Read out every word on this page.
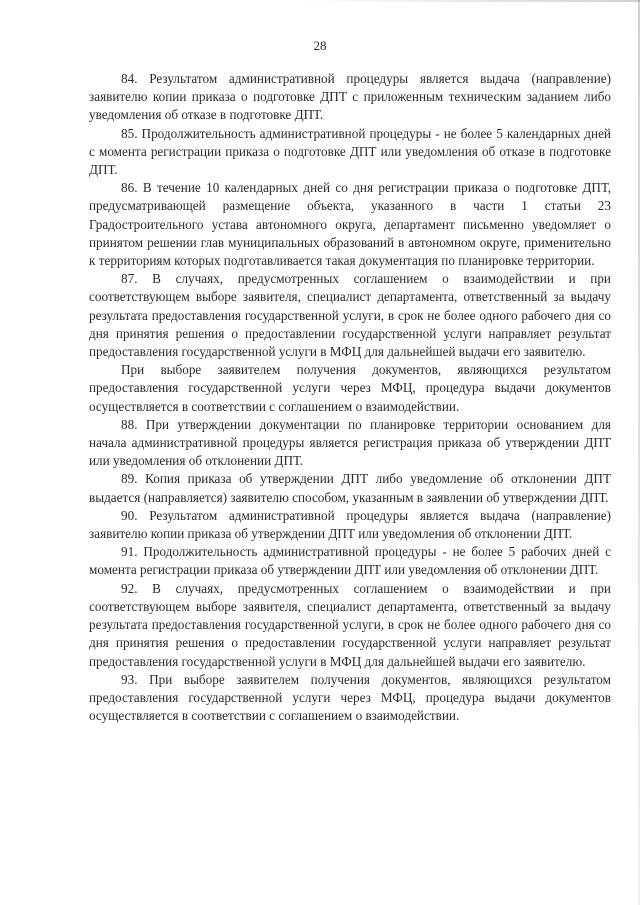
28

84. Результатом административной процедуры является выдача (направление) заявителю копии приказа о подготовке ДПТ с приложенным техническим заданием либо уведомления об отказе в подготовке ДПТ.

85. Продолжительность административной процедуры - не более 5 календарных дней с момента регистрации приказа о подготовке ДПТ или уведомления об отказе в подготовке ДПТ.

86. В течение 10 календарных дней со дня регистрации приказа о подготовке ДПТ, предусматривающей размещение объекта, указанного в части 1 статьи 23 Градостроительного устава автономного округа, департамент письменно уведомляет о принятом решении глав муниципальных образований в автономном округе, применительно к территориям которых подготавливается такая документация по планировке территории.

87. В случаях, предусмотренных соглашением о взаимодействии и при соответствующем выборе заявителя, специалист департамента, ответственный за выдачу результата предоставления государственной услуги, в срок не более одного рабочего дня со дня принятия решения о предоставлении государственной услуги направляет результат предоставления государственной услуги в МФЦ для дальнейшей выдачи его заявителю.

При выборе заявителем получения документов, являющихся результатом предоставления государственной услуги через МФЦ, процедура выдачи документов осуществляется в соответствии с соглашением о взаимодействии.

88. При утверждении документации по планировке территории основанием для начала административной процедуры является регистрация приказа об утверждении ДПТ или уведомления об отклонении ДПТ.

89. Копия приказа об утверждении ДПТ либо уведомление об отклонении ДПТ выдается (направляется) заявителю способом, указанным в заявлении об утверждении ДПТ.

90. Результатом административной процедуры является выдача (направление) заявителю копии приказа об утверждении ДПТ или уведомления об отклонении ДПТ.

91. Продолжительность административной процедуры - не более 5 рабочих дней с момента регистрации приказа об утверждении ДПТ или уведомления об отклонении ДПТ.

92. В случаях, предусмотренных соглашением о взаимодействии и при соответствующем выборе заявителя, специалист департамента, ответственный за выдачу результата предоставления государственной услуги, в срок не более одного рабочего дня со дня принятия решения о предоставлении государственной услуги направляет результат предоставления государственной услуги в МФЦ для дальнейшей выдачи его заявителю.

93. При выборе заявителем получения документов, являющихся результатом предоставления государственной услуги через МФЦ, процедура выдачи документов осуществляется в соответствии с соглашением о взаимодействии.
